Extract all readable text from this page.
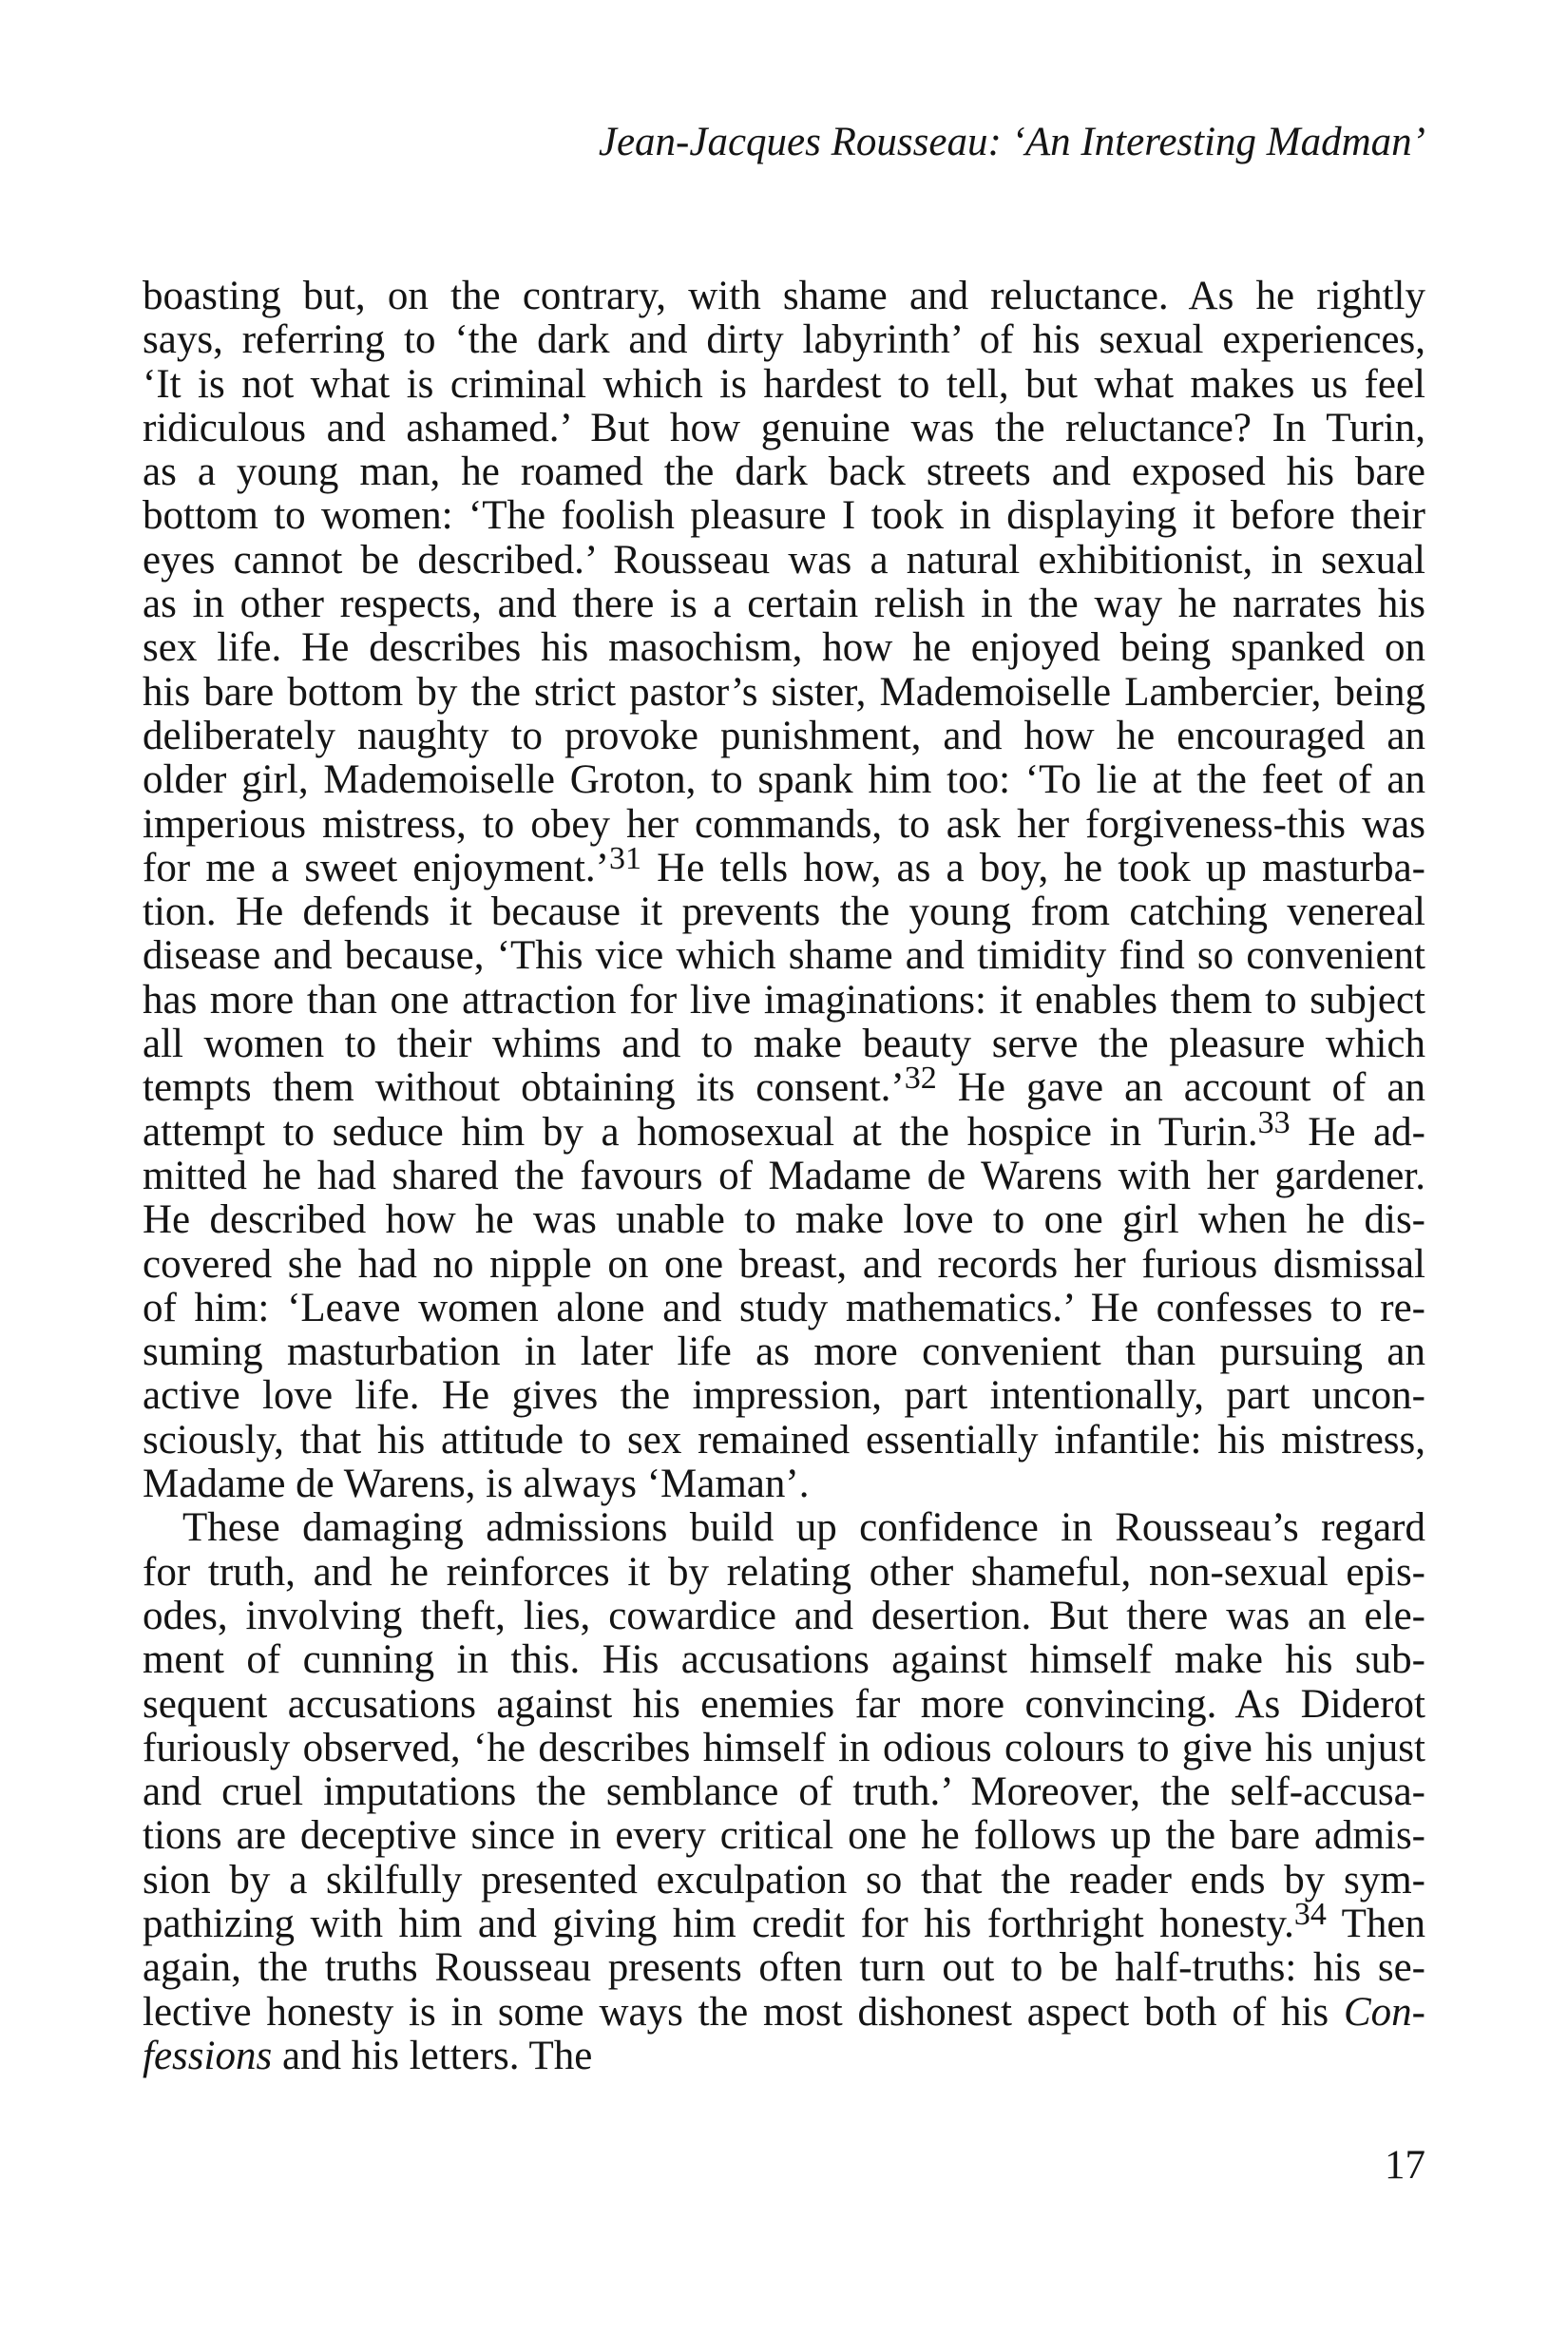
Jean-Jacques Rousseau: ‘An Interesting Madman’
boasting but, on the contrary, with shame and reluctance. As he rightly
says, referring to ‘the dark and dirty labyrinth’ of his sexual experiences,
‘It is not what is criminal which is hardest to tell, but what makes us feel
ridiculous and ashamed.’ But how genuine was the reluctance? In Turin,
as a young man, he roamed the dark back streets and exposed his bare
bottom to women: ‘The foolish pleasure I took in displaying it before their
eyes cannot be described.’ Rousseau was a natural exhibitionist, in sexual
as in other respects, and there is a certain relish in the way he narrates his
sex life. He describes his masochism, how he enjoyed being spanked on
his bare bottom by the strict pastor’s sister, Mademoiselle Lambercier, being
deliberately naughty to provoke punishment, and how he encouraged an
older girl, Mademoiselle Groton, to spank him too: ‘To lie at the feet of an
imperious mistress, to obey her commands, to ask her forgiveness-this was
for me a sweet enjoyment.’$^{31}$ He tells how, as a boy, he took up masturba-
tion. He defends it because it prevents the young from catching venereal
disease and because, ‘This vice which shame and timidity find so convenient
has more than one attraction for live imaginations: it enables them to subject
all women to their whims and to make beauty serve the pleasure which
tempts them without obtaining its consent.’$^{32}$ He gave an account of an
attempt to seduce him by a homosexual at the hospice in Turin.$^{33}$ He ad-
mitted he had shared the favours of Madame de Warens with her gardener.
He described how he was unable to make love to one girl when he dis-
covered she had no nipple on one breast, and records her furious dismissal
of him: ‘Leave women alone and study mathematics.’ He confesses to re-
suming masturbation in later life as more convenient than pursuing an
active love life. He gives the impression, part intentionally, part uncon-
sciously, that his attitude to sex remained essentially infantile: his mistress,
Madame de Warens, is always ‘Maman’.
These damaging admissions build up confidence in Rousseau’s regard
for truth, and he reinforces it by relating other shameful, non-sexual epis-
odes, involving theft, lies, cowardice and desertion. But there was an ele-
ment of cunning in this. His accusations against himself make his sub-
sequent accusations against his enemies far more convincing. As Diderot
furiously observed, ‘he describes himself in odious colours to give his unjust
and cruel imputations the semblance of truth.’ Moreover, the self-accusa-
tions are deceptive since in every critical one he follows up the bare admis-
sion by a skilfully presented exculpation so that the reader ends by sym-
pathizing with him and giving him credit for his forthright honesty.$^{34}$ Then
again, the truths Rousseau presents often turn out to be half-truths: his se-
lective honesty is in some ways the most dishonest aspect both of his Con-
fessions and his letters. The
17
